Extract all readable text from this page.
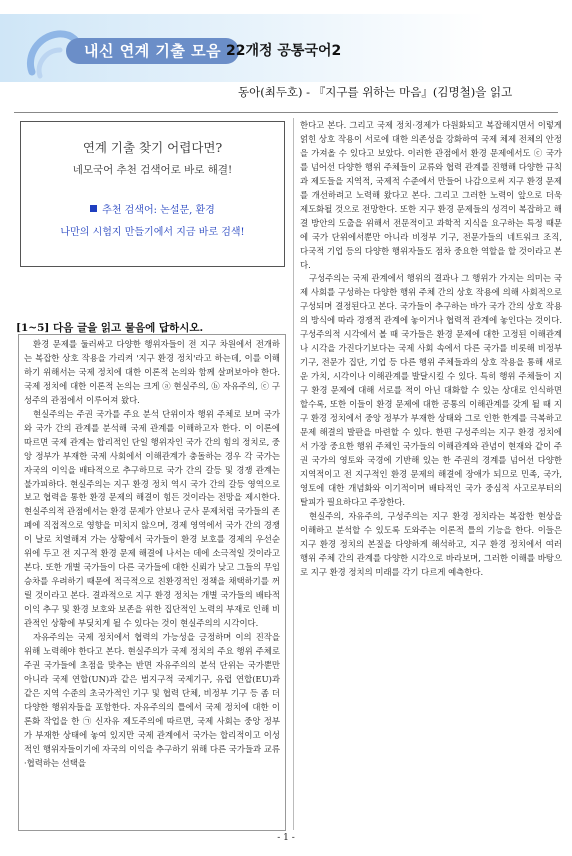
내신 연계 기출 모음 22개정 공통국어2
동아(최두호) - 『지구를 위하는 마음』(김명철)을 읽고
연계 기출 찾기 어렵다면?
네모국어 추천 검색어로 바로 해결!
추천 검색어: 논설문, 환경
나만의 시험지 만들기에서 지금 바로 검색!
[1~5] 다음 글을 읽고 물음에 답하시오.

환경 문제를 둘러싸고 다양한 행위자들이 전 지구 차원에서 전개하는 복잡한 상호 작용을 가리켜 '지구 환경 정치'라고 하는데, 이를 이해하기 위해서는 국제 정치에 대한 이론적 논의와 함께 살펴보아야 한다. 국제 정치에 대한 이론적 논의는 크게 ⓐ 현실주의, ⓑ 자유주의, ⓒ 구성주의 관점에서 이루어져 왔다.

현실주의는 주권 국가를 주요 분석 단위이자 행위 주체로 보며 국가와 국가 간의 관계를 분석해 국제 관계를 이해하고자 한다. 이 이론에 따르면 국제 관계는 합리적인 단일 행위자인 국가 간의 힘의 정치로, 중앙 정부가 부재한 국제 사회에서 이해관계가 충돌하는 경우 각 국가는 자국의 이익을 배타적으로 추구하므로 국가 간의 갈등 및 경쟁 관계는 불가피하다. 현실주의는 지구 환경 정치 역시 국가 간의 갈등 영역으로 보고 협력을 통한 환경 문제의 해결이 힘든 것이라는 전망을 제시한다. 현실주의적 관점에서는 환경 문제가 안보나 군사 문제처럼 국가들의 존폐에 직접적으로 영향을 미치지 않으며, 경제 영역에서 국가 간의 경쟁이 날로 치열해져 가는 상황에서 국가들이 환경 보호를 경제의 우선순위에 두고 전 지구적 환경 문제 해결에 나서는 데에 소극적일 것이라고 본다. 또한 개별 국가들이 다른 국가들에 대한 신뢰가 낮고 그들의 무임승차를 우려하기 때문에 적극적으로 친환경적인 정책을 채택하기를 꺼릴 것이라고 본다. 결과적으로 지구 환경 정치는 개별 국가들의 배타적 이익 추구 및 환경 보호와 보존을 위한 집단적인 노력의 부재로 인해 비관적인 상황에 부딪치게 될 수 있다는 것이 현실주의의 시각이다.

자유주의는 국제 정치에서 협력의 가능성을 긍정하며 이의 진작을 위해 노력해야 한다고 본다. 현실주의가 국제 정치의 주요 행위 주체로 주권 국가들에 초점을 맞추는 반면 자유주의의 분석 단위는 국가뿐만 아니라 국제 연합(UN)과 같은 범지구적 국제기구, 유럽 연합(EU)과 같은 지역 수준의 초국가적인 기구 및 협력 단체, 비정부 기구 등 좀 더 다양한 행위자들을 포함한다. 자유주의의 틀에서 국제 정치에 대한 이론화 작업을 한 ㉠ 신자유 제도주의에 따르면, 국제 사회는 중앙 정부가 부재한 상태에 놓여 있지만 국제 관계에서 국가는 합리적이고 이성적인 행위자들이기에 자국의 이익을 추구하기 위해 다른 국가들과 교류·협력하는 선택을

한다고 본다. 그리고 국제 정치·경제가 다원화되고 복잡해지면서 이렇게 얽힌 상호 작용이 서로에 대한 의존성을 강화하여 국제 체제 전체의 안정을 가져올 수 있다고 보았다. 이러한 관점에서 환경 문제에서도 ⓒ 국가를 넘어선 다양한 행위 주체들이 교류와 협력 관계를 진행해 다양한 규칙과 제도들을 지역적, 국제적 수준에서 만들어 나감으로써 지구 환경 문제를 개선하려고 노력해 왔다고 본다. 그리고 그러한 노력이 앞으로 더욱 제도화될 것으로 전망한다. 또한 지구 환경 문제들의 성격이 복잡하고 해결 방안의 도출을 위해서 전문적이고 과학적 지식을 요구하는 특정 때문에 국가 단위에서뿐만 아니라 비정부 기구, 전문가들의 네트워크 조직, 다국적 기업 등의 다양한 행위자들도 점차 중요한 역할을 할 것이라고 본다.

구성주의는 국제 관계에서 행위의 결과나 그 행위가 가지는 의미는 국제 사회를 구성하는 다양한 행위 주체 간의 상호 작용에 의해 사회적으로 구성되며 결정된다고 본다. 국가들이 추구하는 바가 국가 간의 상호 작용의 방식에 따라 경쟁적 관계에 놓이거나 협력적 관계에 놓인다는 것이다. 구성주의적 시각에서 볼 때 국가들은 환경 문제에 대한 고정된 이해관계나 시각을 가진다기보다는 국제 사회 속에서 다른 국가를 비롯해 비정부 기구, 전문가 집단, 기업 등 다른 행위 주체들과의 상호 작용을 통해 새로운 가치, 시각이나 이해관계를 발달시킬 수 있다. 특히 행위 주체들이 지구 환경 문제에 대해 서로를 적이 아닌 대화할 수 있는 상대로 인식하면 할수록, 또한 이들이 환경 문제에 대한 공통의 이해관계를 갖게 될 때 지구 환경 정치에서 중앙 정부가 부재한 상태와 그로 인한 한계를 극복하고 문제 해결의 발판을 마련할 수 있다. 한편 구성주의는 지구 환경 정치에서 가장 중요한 행위 주체인 국가들의 이해관계와 관념이 현재와 같이 주권 국가의 영토와 국경에 기반해 있는 한 주권의 경계를 넘어선 다양한 지역적이고 전 지구적인 환경 문제의 해결에 장애가 되므로 민족, 국가, 영토에 대한 개념화와 이기적이며 배타적인 국가 중심적 사고로부터의 탈피가 필요하다고 주장한다.

현실주의, 자유주의, 구성주의는 지구 환경 정치라는 복잡한 현상을 이해하고 분석할 수 있도록 도와주는 이론적 틀의 기능을 한다. 이들은 지구 환경 정치의 본질을 다양하게 해석하고, 지구 환경 정치에서 여러 행위 주체 간의 관계를 다양한 시각으로 바라보며, 그러한 이해를 바탕으로 지구 환경 정치의 미래를 각기 다르게 예측한다.

- 1 -
